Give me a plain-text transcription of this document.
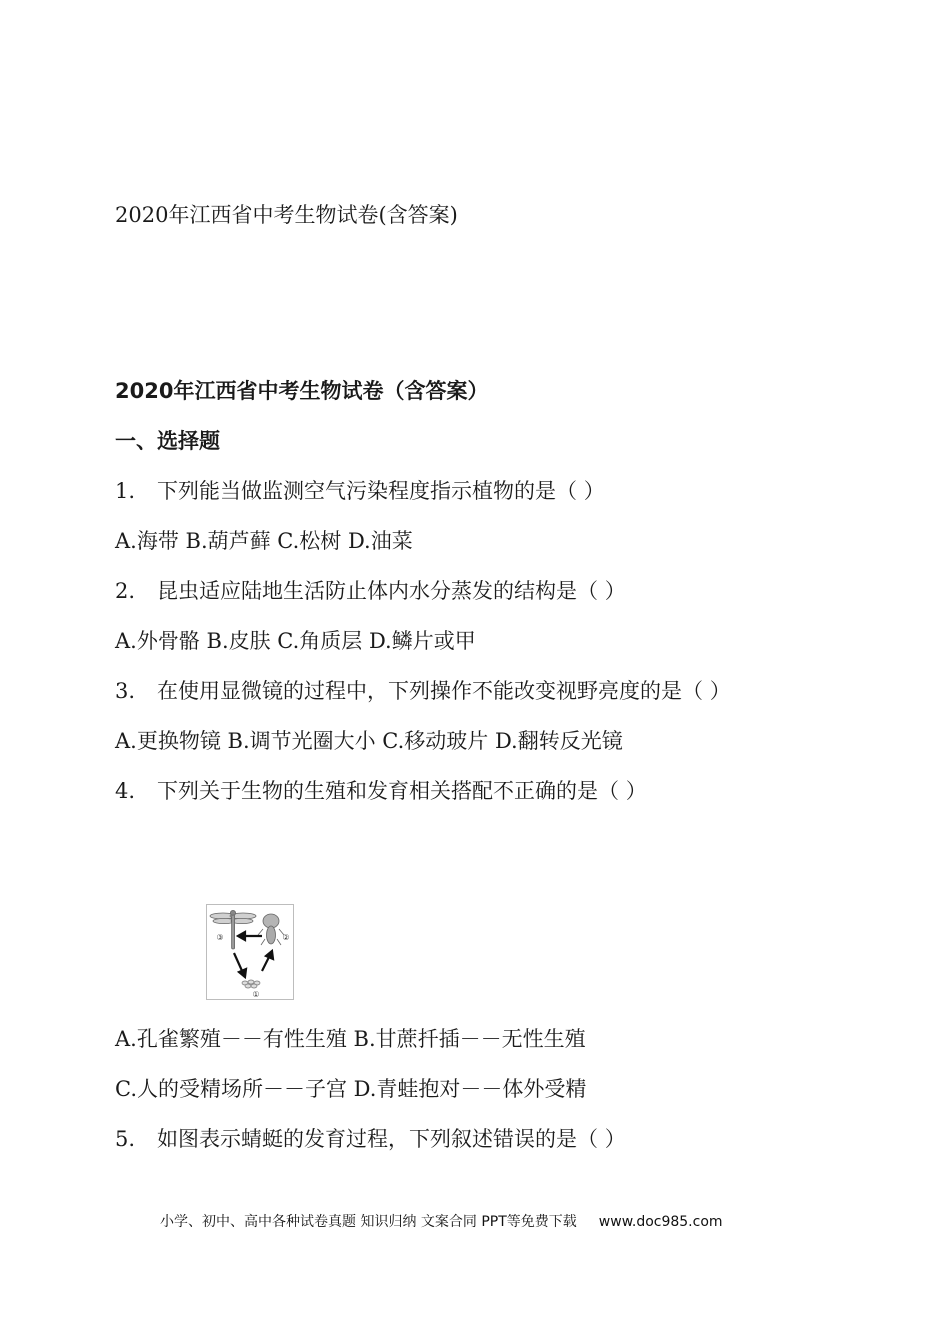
2020年江西省中考生物试卷(含答案)
2020年江西省中考生物试卷（含答案）
一、选择题
1. 下列能当做监测空气污染程度指示植物的是（ ）
A.海带 B.葫芦藓 C.松树 D.油菜
2. 昆虫适应陆地生活防止体内水分蒸发的结构是（ ）
A.外骨骼 B.皮肤 C.角质层 D.鳞片或甲
3. 在使用显微镜的过程中，下列操作不能改变视野亮度的是（ ）
A.更换物镜 B.调节光圈大小 C.移动玻片 D.翻转反光镜
4. 下列关于生物的生殖和发育相关搭配不正确的是（ ）
③	②
①
A.孔雀繁殖－－有性生殖 B.甘蔗扦插－－无性生殖
C.人的受精场所－－子宫 D.青蛙抱对－－体外受精
5. 如图表示蜻蜓的发育过程，下列叙述错误的是（ ）
小学、初中、高中各种试卷真题 知识归纳 文案合同 PPT等免费下载 www.doc985.com
